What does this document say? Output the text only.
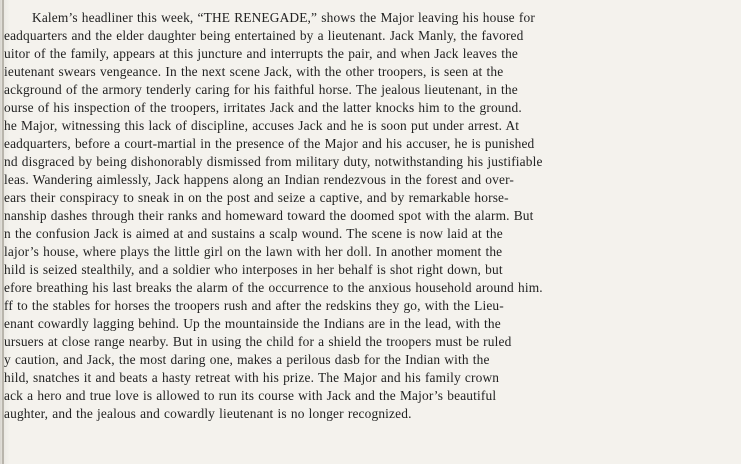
Kalem’s headliner this week, “THE RENEGADE,” shows the Major leaving his house for
eadquarters and the elder daughter being entertained by a lieutenant. Jack Manly, the favored
uitor of the family, appears at this juncture and interrupts the pair, and when Jack leaves the
ieutenant swears vengeance. In the next scene Jack, with the other troopers, is seen at the
ackground of the armory tenderly caring for his faithful horse. The jealous lieutenant, in the
ourse of his inspection of the troopers, irritates Jack and the latter knocks him to the ground.
he Major, witnessing this lack of discipline, accuses Jack and he is soon put under arrest. At
eadquarters, before a court-martial in the presence of the Major and his accuser, he is punished
nd disgraced by being dishonorably dismissed from military duty, notwithstanding his justifiable
leas. Wandering aimlessly, Jack happens along an Indian rendezvous in the forest and over-
ears their conspiracy to sneak in on the post and seize a captive, and by remarkable horse-
nanship dashes through their ranks and homeward toward the doomed spot with the alarm. But
n the confusion Jack is aimed at and sustains a scalp wound. The scene is now laid at the
lajor’s house, where plays the little girl on the lawn with her doll. In another moment the
hild is seized stealthily, and a soldier who interposes in her behalf is shot right down, but
efore breathing his last breaks the alarm of the occurrence to the anxious household around him.
ff to the stables for horses the troopers rush and after the redskins they go, with the Lieu-
enant cowardly lagging behind. Up the mountainside the Indians are in the lead, with the
ursuers at close range nearby. But in using the child for a shield the troopers must be ruled
y caution, and Jack, the most daring one, makes a perilous dasb for the Indian with the
hild, snatches it and beats a hasty retreat with his prize. The Major and his family crown
ack a hero and true love is allowed to run its course with Jack and the Major’s beautiful
aughter, and the jealous and cowardly lieutenant is no longer recognized.
